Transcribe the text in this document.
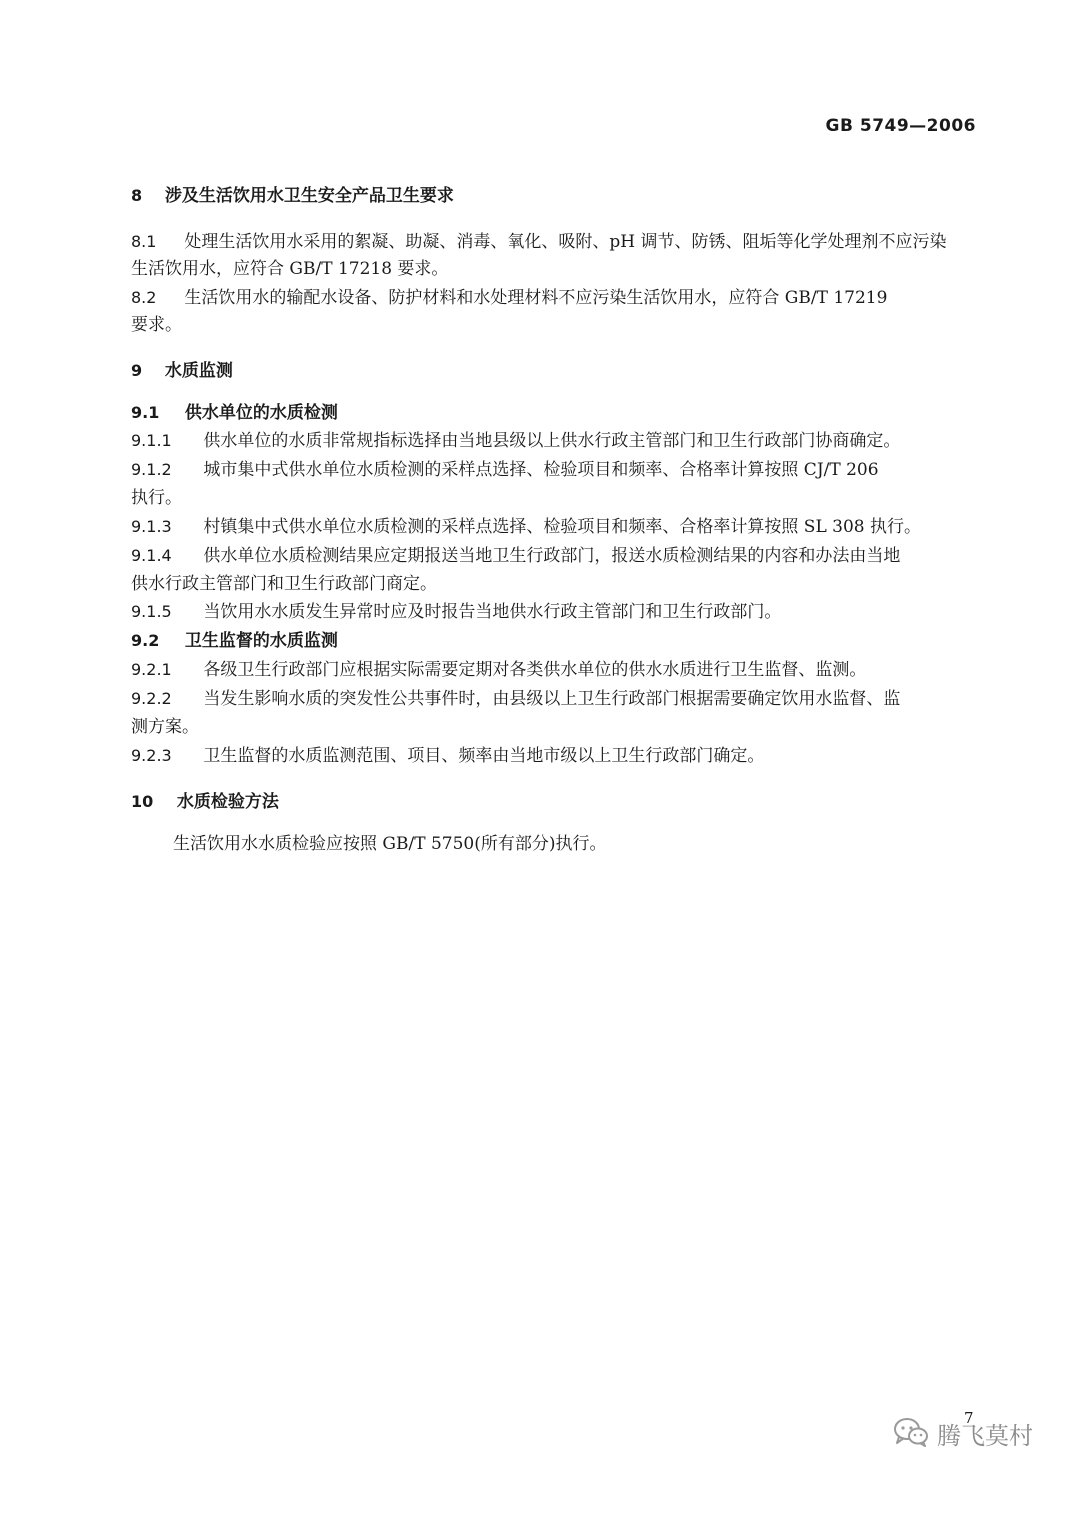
GB 5749—2006
8 涉及生活饮用水卫生安全产品卫生要求
8.1 处理生活饮用水采用的絮凝、助凝、消毒、氧化、吸附、pH 调节、防锈、阻垢等化学处理剂不应污染
生活饮用水，应符合 GB/T 17218 要求。
8.2 生活饮用水的输配水设备、防护材料和水处理材料不应污染生活饮用水，应符合 GB/T 17219
要求。
9 水质监测
9.1 供水单位的水质检测
9.1.1 供水单位的水质非常规指标选择由当地县级以上供水行政主管部门和卫生行政部门协商确定。
9.1.2 城市集中式供水单位水质检测的采样点选择、检验项目和频率、合格率计算按照 CJ/T 206
执行。
9.1.3 村镇集中式供水单位水质检测的采样点选择、检验项目和频率、合格率计算按照 SL 308 执行。
9.1.4 供水单位水质检测结果应定期报送当地卫生行政部门，报送水质检测结果的内容和办法由当地
供水行政主管部门和卫生行政部门商定。
9.1.5 当饮用水水质发生异常时应及时报告当地供水行政主管部门和卫生行政部门。
9.2 卫生监督的水质监测
9.2.1 各级卫生行政部门应根据实际需要定期对各类供水单位的供水水质进行卫生监督、监测。
9.2.2 当发生影响水质的突发性公共事件时，由县级以上卫生行政部门根据需要确定饮用水监督、监
测方案。
9.2.3 卫生监督的水质监测范围、项目、频率由当地市级以上卫生行政部门确定。
10 水质检验方法
生活饮用水水质检验应按照 GB/T 5750(所有部分)执行。
7
腾飞莫村
